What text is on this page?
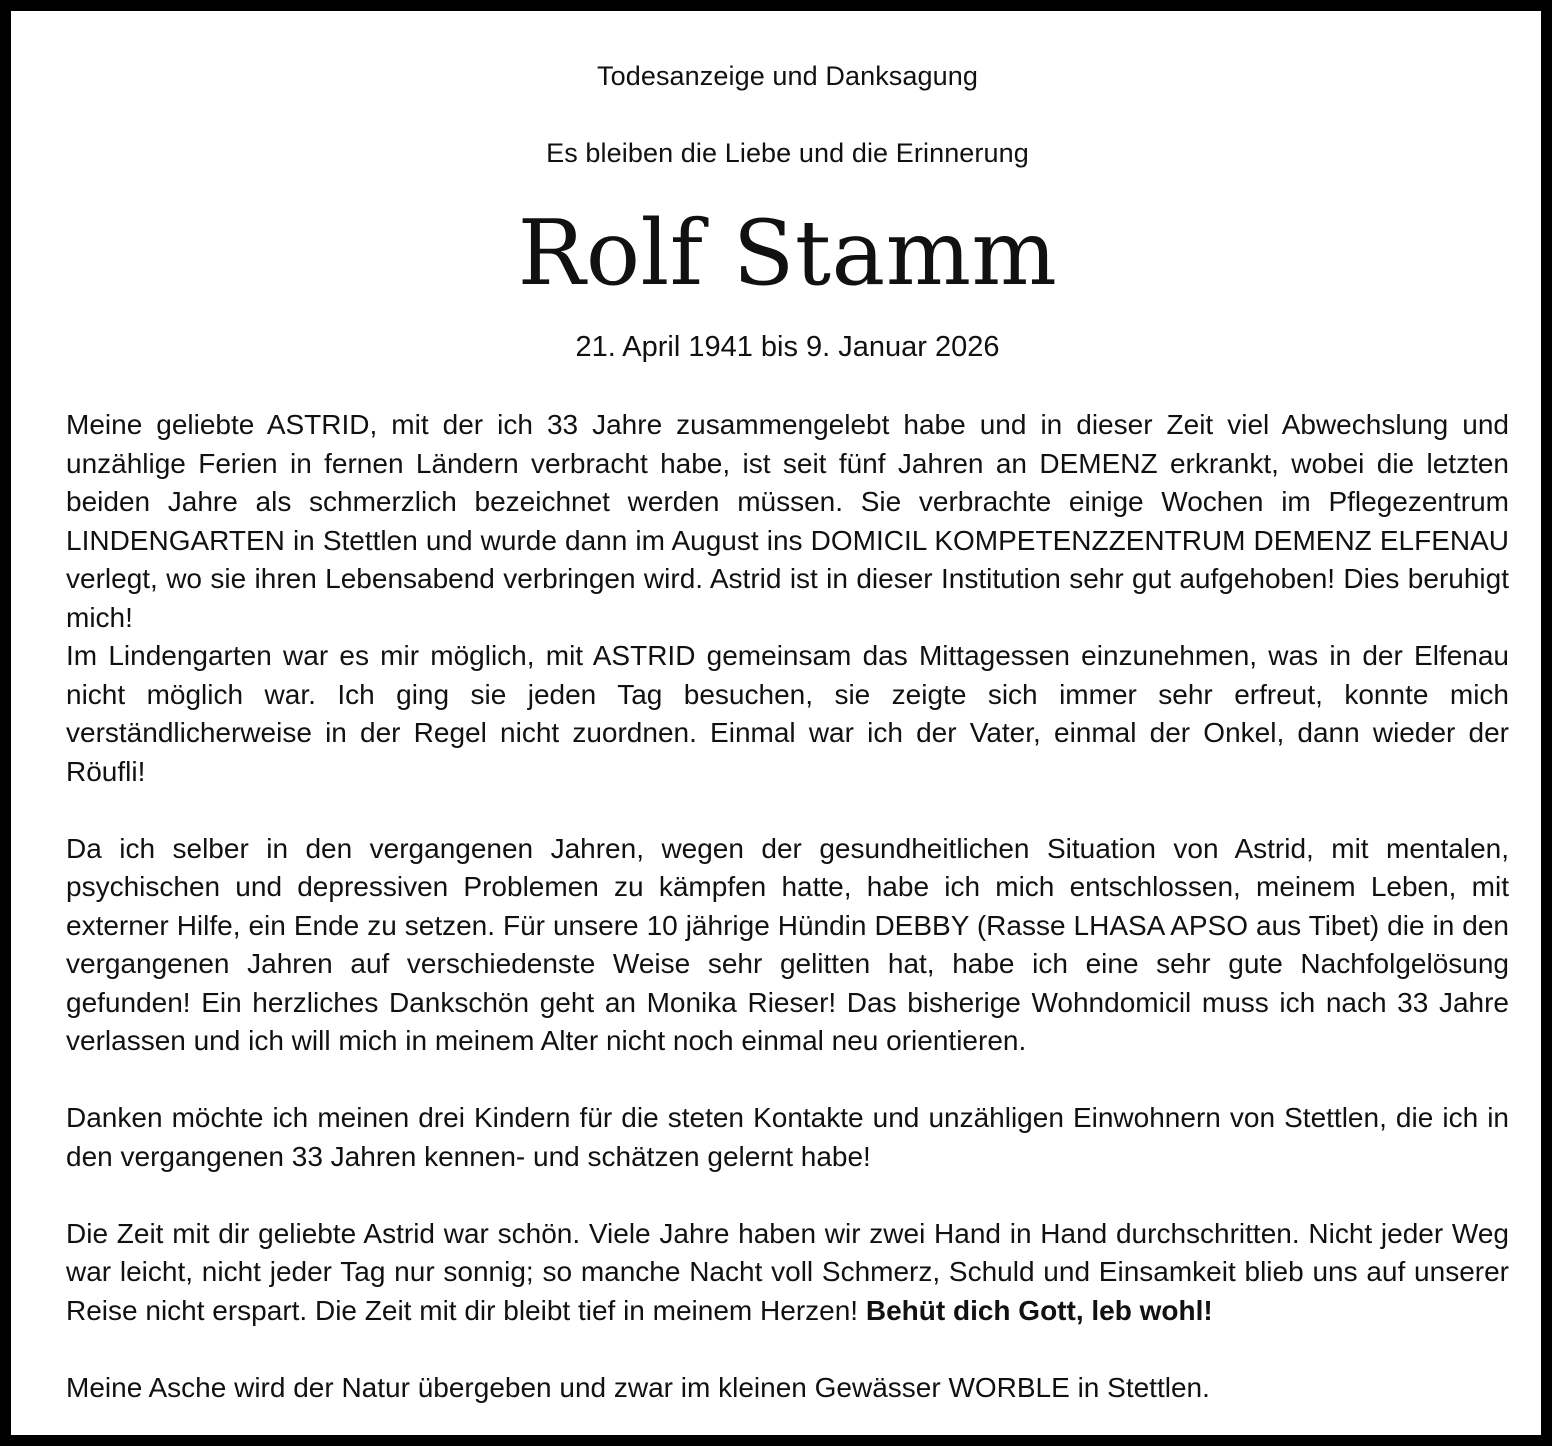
Todesanzeige und Danksagung
Es bleiben die Liebe und die Erinnerung
Rolf Stamm
21. April 1941 bis 9. Januar 2026

Meine geliebte ASTRID, mit der ich 33 Jahre zusammengelebt habe und in dieser Zeit viel Abwechslung und unzählige Ferien in fernen Ländern verbracht habe, ist seit fünf Jahren an DEMENZ erkrankt, wobei die letzten beiden Jahre als schmerzlich bezeichnet werden müssen. Sie verbrachte einige Wochen im Pflegezentrum LINDENGARTEN in Stettlen und wurde dann im August ins DOMICIL KOMPETENZZENTRUM DEMENZ ELFENAU verlegt, wo sie ihren Lebensabend verbringen wird. Astrid ist in dieser Institution sehr gut aufgehoben! Dies beruhigt mich!

Im Lindengarten war es mir möglich, mit ASTRID gemeinsam das Mittagessen einzunehmen, was in der Elfenau nicht möglich war. Ich ging sie jeden Tag besuchen, sie zeigte sich immer sehr erfreut, konnte mich verständlicherweise in der Regel nicht zuordnen. Einmal war ich der Vater, einmal der Onkel, dann wieder der Röufli!

Da ich selber in den vergangenen Jahren, wegen der gesundheitlichen Situation von Astrid, mit mentalen, psychischen und depressiven Problemen zu kämpfen hatte, habe ich mich entschlossen, meinem Leben, mit externer Hilfe, ein Ende zu setzen. Für unsere 10 jährige Hündin DEBBY (Rasse LHASA APSO aus Tibet) die in den vergangenen Jahren auf verschiedenste Weise sehr gelitten hat, habe ich eine sehr gute Nachfolgelösung gefunden! Ein herzliches Dankschön geht an Monika Rieser! Das bisherige Wohndomicil muss ich nach 33 Jahre verlassen und ich will mich in meinem Alter nicht noch einmal neu orientieren.

Danken möchte ich meinen drei Kindern für die steten Kontakte und unzähligen Einwohnern von Stettlen, die ich in den vergangenen 33 Jahren kennen- und schätzen gelernt habe!

Die Zeit mit dir geliebte Astrid war schön. Viele Jahre haben wir zwei Hand in Hand durchschritten. Nicht jeder Weg war leicht, nicht jeder Tag nur sonnig; so manche Nacht voll Schmerz, Schuld und Einsamkeit blieb uns auf unserer Reise nicht erspart. Die Zeit mit dir bleibt tief in meinem Herzen! Behüt dich Gott, leb wohl!

Meine Asche wird der Natur übergeben und zwar im kleinen Gewässer WORBLE in Stettlen.
